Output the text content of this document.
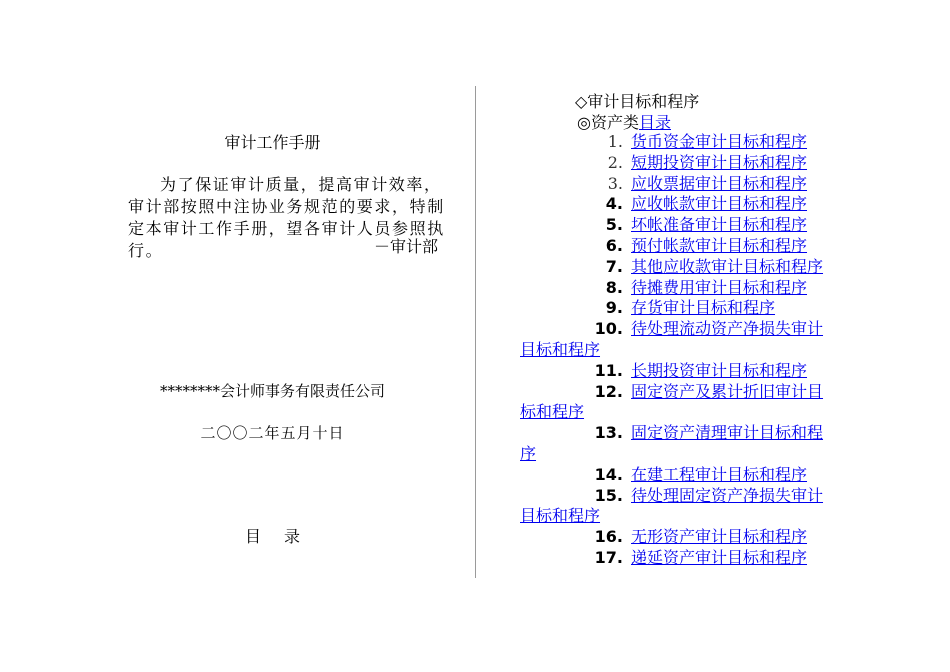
审计工作手册

为了保证审计质量，提高审计效率，审计部按照中注协业务规范的要求，特制定本审计工作手册，望各审计人员参照执行。	－审计部
********会计师事务有限责任公司
二〇〇二年五月十日
目 录
◇审计目标和程序
◎资产类目录
1. 货币资金审计目标和程序
2. 短期投资审计目标和程序
3. 应收票据审计目标和程序
4. 应收帐款审计目标和程序
5. 坏帐准备审计目标和程序
6. 预付帐款审计目标和程序
7. 其他应收款审计目标和程序
8. 待摊费用审计目标和程序
9. 存货审计目标和程序
10. 待处理流动资产净损失审计
目标和程序
11. 长期投资审计目标和程序
12. 固定资产及累计折旧审计目
标和程序
13. 固定资产清理审计目标和程
序
14. 在建工程审计目标和程序
15. 待处理固定资产净损失审计
目标和程序
16. 无形资产审计目标和程序
17. 递延资产审计目标和程序
